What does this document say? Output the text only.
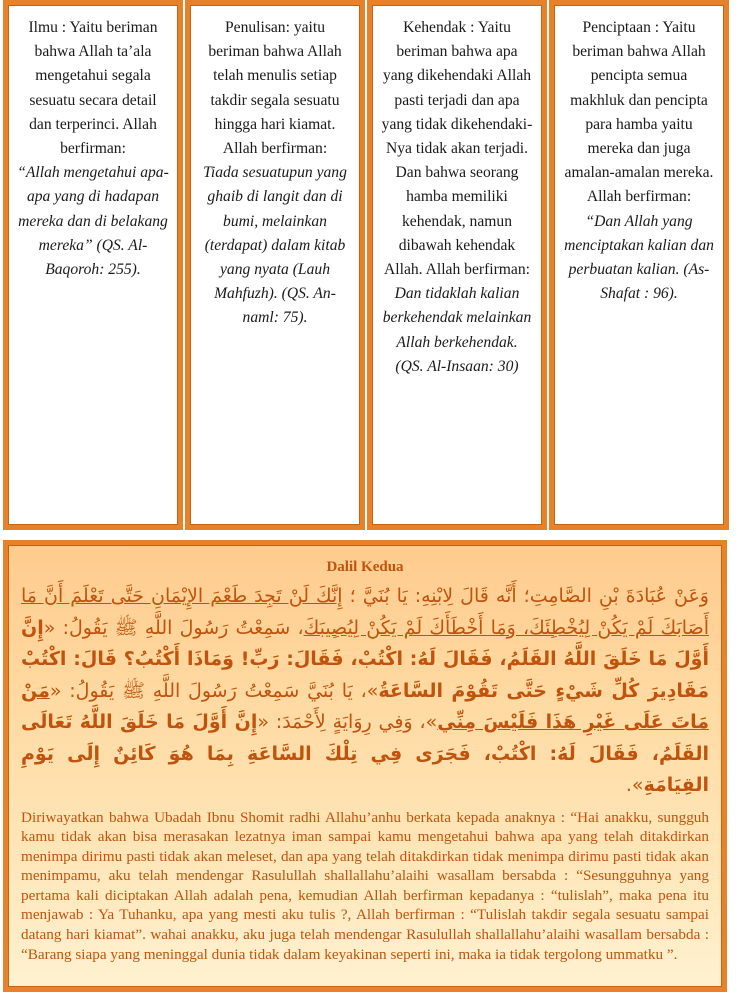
Ilmu : Yaitu beriman bahwa Allah ta’ala mengetahui segala sesuatu secara detail dan terperinci. Allah berfirman:
“Allah mengetahui apa-apa yang di hadapan mereka dan di belakang mereka” (QS. Al-Baqoroh: 255).
Penulisan: yaitu beriman bahwa Allah telah menulis setiap takdir segala sesuatu hingga hari kiamat. Allah berfirman:
Tiada sesuatupun yang ghaib di langit dan di bumi, melainkan (terdapat) dalam kitab yang nyata (Lauh Mahfuzh). (QS. An-naml: 75).
Kehendak : Yaitu beriman bahwa apa yang dikehendaki Allah pasti terjadi dan apa yang tidak dikehendaki-Nya tidak akan terjadi. Dan bahwa seorang hamba memiliki kehendak, namun dibawah kehendak Allah. Allah berfirman:
Dan tidaklah kalian berkehendak melainkan Allah berkehendak. (QS. Al-Insaan: 30)
Penciptaan : Yaitu beriman bahwa Allah pencipta semua makhluk dan pencipta para hamba yaitu mereka dan juga amalan-amalan mereka. Allah berfirman:
“Dan Allah yang menciptakan kalian dan perbuatan kalian. (As-Shafat : 96).
Dalil Kedua
وَعَنْ عُبَادَةَ بْنِ الصَّامِتِ؛ أَنَّه قَالَ لِابْنِهِ: يَا بُنَيَّ ؛ إِنَّكَ لَنْ تَجِدَ طَعْمَ الإِيْمَانِ حَتَّى تَعْلَمَ أَنَّ مَا أَصَابَكَ لَمْ يَكُنْ لِيُخْطِئَكَ، وَمَا أَخْطَأَكَ لَمْ يَكُنْ لِيُصِيبَكَ، سَمِعْتُ رَسُولَ اللَّهِ ﷺ يَقُولُ: «إِنَّ أَوَّلَ مَا خَلَقَ اللَّهُ القَلَمُ، فَقَالَ لَهُ: اكْتُبْ، فَقَالَ: رَبِّ! وَمَاذَا أَكْتُبُ؟ قَالَ: اكْتُبْ مَقَادِيرَ كُلِّ شَيْءٍ حَتَّى تَقُوْمَ السَّاعَةُ»، يَا بُنَيَّ سَمِعْتُ رَسُولَ اللَّهِ ﷺ يَقُولُ: «مَنْ مَاتَ عَلَى غَيْرِ هَذَا فَلَيْسَ مِنِّي»، وَفِي رِوَايَةٍ لِأَحْمَدَ: «إِنَّ أَوَّلَ مَا خَلَقَ اللَّهُ تَعَالَى القَلَمُ، فَقَالَ لَهُ: اكْتُبْ، فَجَرَى فِي تِلْكَ السَّاعَةِ بِمَا هُوَ كَائِنٌ إِلَى يَوْمِ القِيَامَةِ».
Diriwayatkan bahwa Ubadah Ibnu Shomit radhi Allahu’anhu berkata kepada anaknya : “Hai anakku, sungguh kamu tidak akan bisa merasakan lezatnya iman sampai kamu mengetahui bahwa apa yang telah ditakdirkan menimpa dirimu pasti tidak akan meleset, dan apa yang telah ditakdirkan tidak menimpa dirimu pasti tidak akan menimpamu, aku telah mendengar Rasulullah shallallahu’alaihi wasallam bersabda : “Sesungguhnya yang pertama kali diciptakan Allah adalah pena, kemudian Allah berfirman kepadanya : “tulislah”, maka pena itu menjawab : Ya Tuhanku, apa yang mesti aku tulis ?, Allah berfirman : “Tulislah takdir segala sesuatu sampai datang hari kiamat”. wahai anakku, aku juga telah mendengar Rasulullah shallallahu’alaihi wasallam bersabda : “Barang siapa yang meninggal dunia tidak dalam keyakinan seperti ini, maka ia tidak tergolong ummatku ”.
